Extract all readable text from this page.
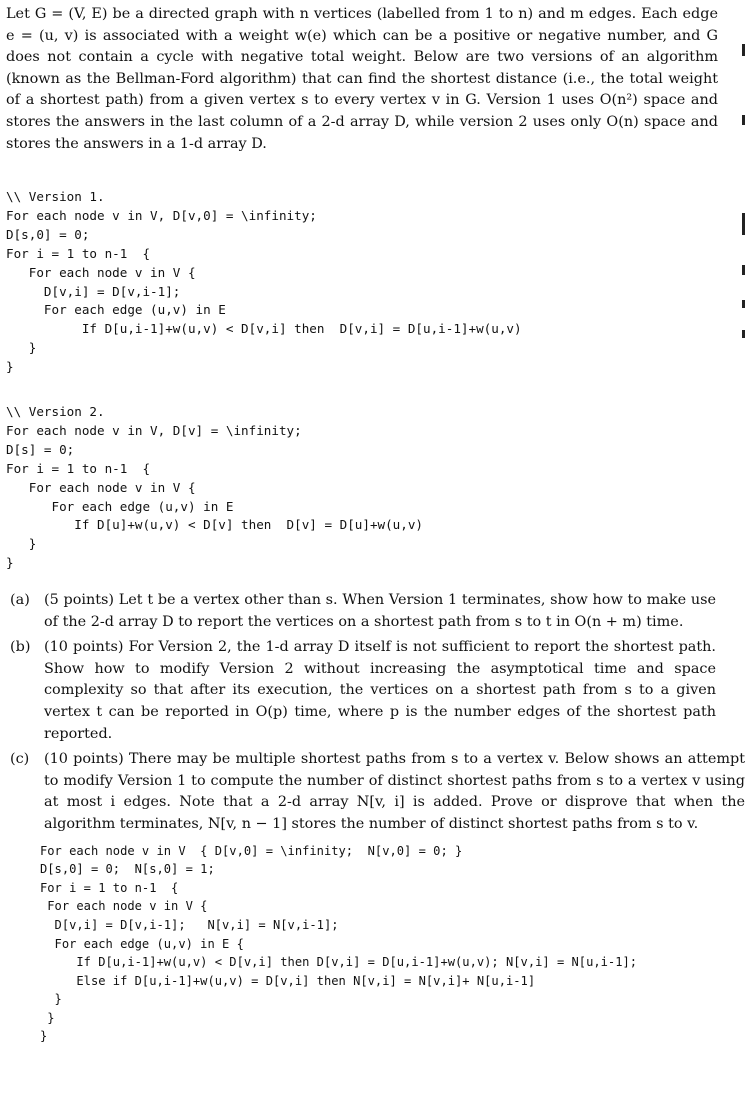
Let G = (V, E) be a directed graph with n vertices (labelled from 1 to n) and m edges. Each edge e = (u, v) is associated with a weight w(e) which can be a positive or negative number, and G does not contain a cycle with negative total weight. Below are two versions of an algorithm (known as the Bellman-Ford algorithm) that can find the shortest distance (i.e., the total weight of a shortest path) from a given vertex s to every vertex v in G. Version 1 uses O(n²) space and stores the answers in the last column of a 2-d array D, while version 2 uses only O(n) space and stores the answers in a 1-d array D.

\\ Version 1.
For each node v in V, D[v,0] = \infinity;
D[s,0] = 0;
For i = 1 to n-1  {
For each node v in V {
D[v,i] = D[v,i-1];
For each edge (u,v) in E
If D[u,i-1]+w(u,v) < D[v,i] then  D[v,i] = D[u,i-1]+w(u,v)
}
}
\\ Version 2.
For each node v in V, D[v] = \infinity;
D[s] = 0;
For i = 1 to n-1  {
For each node v in V {
For each edge (u,v) in E
If D[u]+w(u,v) < D[v] then  D[v] = D[u]+w(u,v)
}
}
(a) (5 points) Let t be a vertex other than s. When Version 1 terminates, show how to make use of the 2-d array D to report the vertices on a shortest path from s to t in O(n + m) time.
(b) (10 points) For Version 2, the 1-d array D itself is not sufficient to report the shortest path. Show how to modify Version 2 without increasing the asymptotical time and space complexity so that after its execution, the vertices on a shortest path from s to a given vertex t can be reported in O(p) time, where p is the number edges of the shortest path reported.
(c)	(10 points) There may be multiple shortest paths from s to a vertex v. Below shows an attempt to modify Version 1 to compute the number of distinct shortest paths from s to a vertex v using at most i edges. Note that a 2-d array N[v, i] is added. Prove or disprove that when the algorithm terminates, N[v, n − 1] stores the number of distinct shortest paths from s to v.
For each node v in V  { D[v,0] = \infinity;  N[v,0] = 0; }
D[s,0] = 0;  N[s,0] = 1;
For i = 1 to n-1  {
For each node v in V {
D[v,i] = D[v,i-1];   N[v,i] = N[v,i-1];
For each edge (u,v) in E {
If D[u,i-1]+w(u,v) < D[v,i] then D[v,i] = D[u,i-1]+w(u,v); N[v,i] = N[u,i-1];
Else if D[u,i-1]+w(u,v) = D[v,i] then N[v,i] = N[v,i]+ N[u,i-1]
}
}
}
